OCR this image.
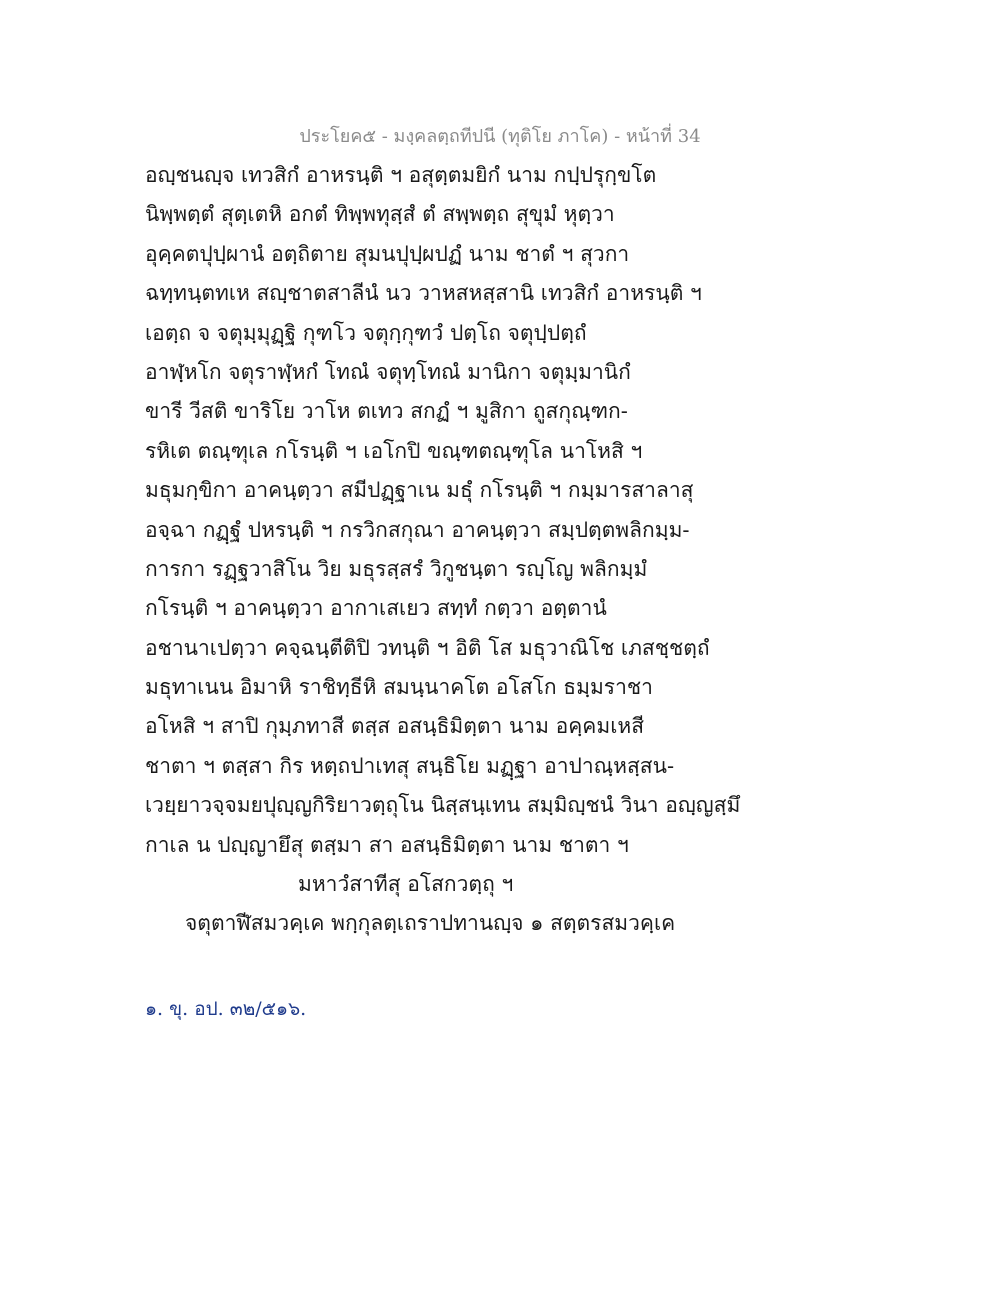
ประโยค๕ - มงฺคลตฺถทีปนี (ทุติโย ภาโค) - หน้าที่ 34
อญฺชนญฺจ เทวสิกํ อาหรนฺติ ฯ อสุตฺตมยิกํ นาม กปฺปรุกฺขโต
นิพฺพตฺตํ สุตฺเตหิ อกตํ ทิพฺพทุสฺสํ ตํ สพฺพตฺถ สุขุมํ หุตฺวา
อุคฺคตปุปฺผานํ อตฺถิตาย สุมนปุปฺผปฏํ นาม ชาตํ ฯ สุวกา
ฉทฺทนฺตทเห สญฺชาตสาลีนํ นว วาหสหสฺสานิ เทวสิกํ อาหรนฺติ ฯ
เอตฺถ จ จตุมฺมุฏฺฐิ กุฑโว จตุกฺกุฑวํ ปตฺโถ จตุปฺปตฺถํ
อาฬฺหโก จตุราฬฺหกํ โทณํ จตุทฺโทณํ มานิกา จตุมฺมานิกํ
ขารี วีสติ ขาริโย วาโห ตเทว สกฏํ ฯ มูสิกา ถูสกุณฺฑก-
รหิเต ตณฺฑุเล กโรนฺติ ฯ เอโกปิ ขณฺฑตณฺฑุโล นาโหสิ ฯ
มธุมกฺขิกา อาคนฺตฺวา สมีปฏฺฐาเน มธุํ กโรนฺติ ฯ กมฺมารสาลาสุ
อจฺฉา กฏฺฐํ ปหรนฺติ ฯ กรวิกสกุณา อาคนฺตฺวา สมฺปตฺตพลิกมฺม-
การกา รฏฺฐวาสิโน วิย มธุรสฺสรํ วิกูชนฺตา รญฺโญ พลิกมฺมํ
กโรนฺติ ฯ อาคนฺตฺวา อากาเสเยว สทฺทํ กตฺวา อตฺตานํ
อชานาเปตฺวา คจฺฉนฺตีติปิ วทนฺติ ฯ อิติ โส มธุวาณิโช เภสชฺชตฺถํ
มธุทาเนน อิมาหิ ราชิทฺธีหิ สมนฺนาคโต อโสโก ธมฺมราชา
อโหสิ ฯ สาปิ กุมฺภทาสี ตสฺส อสนฺธิมิตฺตา นาม อคฺคมเหสี
ชาตา ฯ ตสฺสา กิร หตฺถปาเทสุ สนฺธิโย มฏฺฐา อาปาณฺหสฺสน-
เวยฺยาวจฺจมยปุญฺญกิริยาวตฺถุโน นิสฺสนฺเทน สมฺมิญฺชนํ วินา อญฺญสฺมึ
กาเล น ปญฺญายึสุ ตสฺมา สา อสนฺธิมิตฺตา นาม ชาตา ฯ
มหาวํสาทีสุ อโสกวตฺถุ ฯ
จตุตาฬีสมวคฺเค พกฺกุลตฺเถราปทานญฺจ ๑ สตฺตรสมวคฺเค
๑. ขุ. อป. ๓๒/๕๑๖.
